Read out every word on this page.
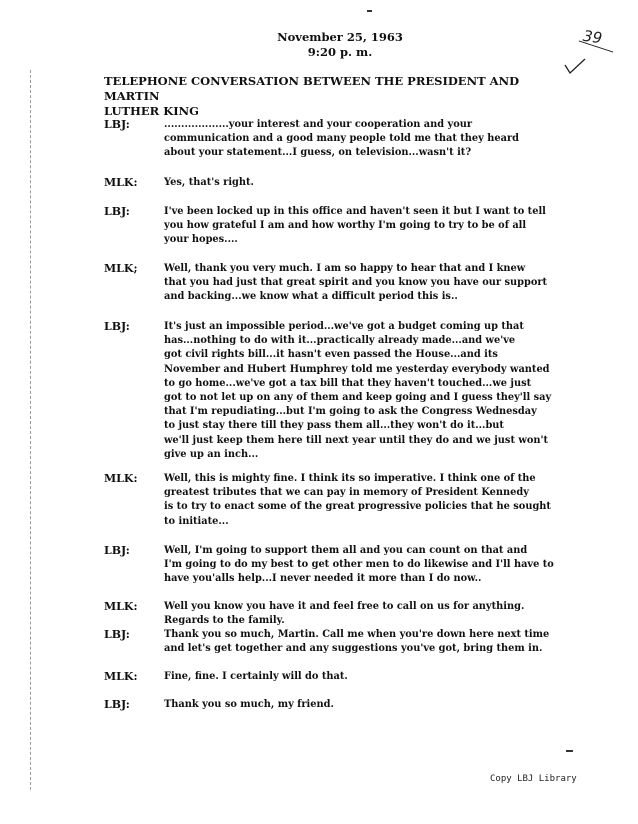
November 25, 1963
9:20 p. m.
39
TELEPHONE CONVERSATION BETWEEN THE PRESIDENT AND MARTIN
LUTHER KING
LBJ:	...................your interest and your cooperation and your
communication and a good many people told me that they heard
about your statement...I guess, on television...wasn't it?
MLK:	Yes, that's right.
LBJ:	I've been locked up in this office and haven't seen it but I want to tell
you how grateful I am and how worthy I'm going to try to be of all
your hopes....
MLK;	Well, thank you very much. I am so happy to hear that and I knew
that you had just that great spirit and you know you have our support
and backing...we know what a difficult period this is..
LBJ:	It's just an impossible period...we've got a budget coming up that
has...nothing to do with it...practically already made...and we've
got civil rights bill...it hasn't even passed the House...and its
November and Hubert Humphrey told me yesterday everybody wanted
to go home...we've got a tax bill that they haven't touched...we just
got to not let up on any of them and keep going and I guess they'll say
that I'm repudiating...but I'm going to ask the Congress Wednesday
to just stay there till they pass them all...they won't do it...but
we'll just keep them here till next year until they do and we just won't
give up an inch...
MLK:	Well, this is mighty fine. I think its so imperative. I think one of the
greatest tributes that we can pay in memory of President Kennedy
is to try to enact some of the great progressive policies that he sought
to initiate...
LBJ:	Well, I'm going to support them all and you can count on that and
I'm going to do my best to get other men to do likewise and I'll have to
have you'alls help...I never needed it more than I do now..
MLK:	Well you know you have it and feel free to call on us for anything.
Regards to the family.
LBJ:	Thank you so much, Martin. Call me when you're down here next time
and let's get together and any suggestions you've got, bring them in.
MLK:	Fine, fine. I certainly will do that.
LBJ:	Thank you so much, my friend.
Copy LBJ Library
